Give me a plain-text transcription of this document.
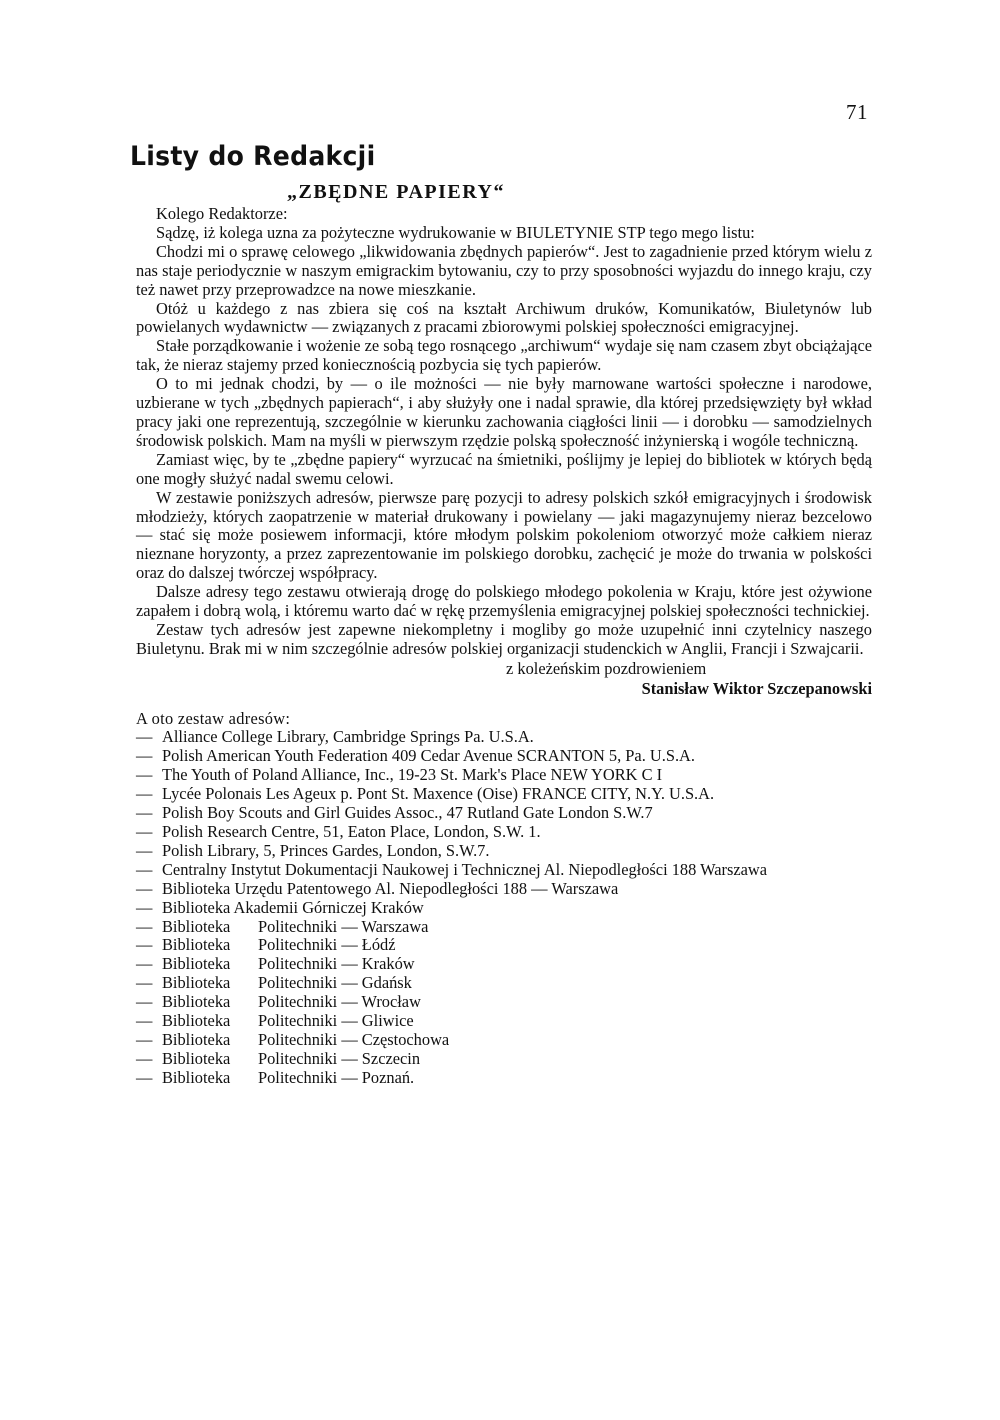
71
Listy do Redakcji
„ZBĘDNE PAPIERY“

Kolego Redaktorze:

Sądzę, iż kolega uzna za pożyteczne wydrukowanie w BIULETYNIE STP tego mego listu:

Chodzi mi o sprawę celowego „likwidowania zbędnych papierów“. Jest to zagadnienie przed którym wielu z nas staje periodycznie w naszym emigrackim bytowaniu, czy to przy sposobności wyjazdu do innego kraju, czy też nawet przy przeprowadzce na nowe mieszkanie.

Otóż u każdego z nas zbiera się coś na kształt Archiwum druków, Komunikatów, Biuletynów lub powielanych wydawnictw — związanych z pracami zbiorowymi polskiej społeczności emigracyjnej.

Stałe porządkowanie i wożenie ze sobą tego rosnącego „archiwum“ wydaje się nam czasem zbyt obciążające tak, że nieraz stajemy przed koniecznością pozbycia się tych papierów.

O to mi jednak chodzi, by — o ile możności — nie były marnowane wartości społeczne i narodowe, uzbierane w tych „zbędnych papierach“, i aby służyły one i nadal sprawie, dla której przedsięwzięty był wkład pracy jaki one reprezentują, szczególnie w kierunku zachowania ciągłości linii — i dorobku — samodzielnych środowisk polskich. Mam na myśli w pierwszym rzędzie polską społeczność inżynierską i wogóle techniczną.

Zamiast więc, by te „zbędne papiery“ wyrzucać na śmietniki, poślijmy je lepiej do bibliotek w których będą one mogły służyć nadal swemu celowi.

W zestawie poniższych adresów, pierwsze parę pozycji to adresy polskich szkół emigracyjnych i środowisk młodzieży, których zaopatrzenie w materiał drukowany i powielany — jaki magazynujemy nieraz bezcelowo — stać się może posiewem informacji, które młodym polskim pokoleniom otworzyć może całkiem nieraz nieznane horyzonty, a przez zaprezentowanie im polskiego dorobku, zachęcić je może do trwania w polskości oraz do dalszej twórczej współpracy.

Dalsze adresy tego zestawu otwierają drogę do polskiego młodego pokolenia w Kraju, które jest ożywione zapałem i dobrą wolą, i któremu warto dać w rękę przemyślenia emigracyjnej polskiej społeczności technickiej.

Zestaw tych adresów jest zapewne niekompletny i mogliby go może uzupełnić inni czytelnicy naszego Biuletynu. Brak mi w nim szczególnie adresów polskiej organizacji studenckich w Anglii, Francji i Szwajcarii.

z koleżeńskim pozdrowieniem

Stanisław Wiktor Szczepanowski

A oto zestaw adresów:

— Alliance College Library, Cambridge Springs Pa. U.S.A.
— Polish American Youth Federation 409 Cedar Avenue SCRANTON 5, Pa. U.S.A.
— The Youth of Poland Alliance, Inc., 19-23 St. Mark's Place NEW YORK C I
— Lycée Polonais Les Ageux p. Pont St. Maxence (Oise) FRANCE CITY, N.Y. U.S.A.
— Polish Boy Scouts and Girl Guides Assoc., 47 Rutland Gate London S.W.7
— Polish Research Centre, 51, Eaton Place, London, S.W. 1.
— Polish Library, 5, Princes Gardes, London, S.W.7.
— Centralny Instytut Dokumentacji Naukowej i Technicznej Al. Niepodległości 188 Warszawa
— Biblioteka Urzędu Patentowego Al. Niepodległości 188 — Warszawa
— Biblioteka Akademii Górniczej Kraków
— Biblioteka Politechniki — Warszawa
— Biblioteka Politechniki — Łódź
— Biblioteka Politechniki — Kraków
— Biblioteka Politechniki — Gdańsk
— Biblioteka Politechniki — Wrocław
— Biblioteka Politechniki — Gliwice
— Biblioteka Politechniki — Częstochowa
— Biblioteka Politechniki — Szczecin
— Biblioteka Politechniki — Poznań.
